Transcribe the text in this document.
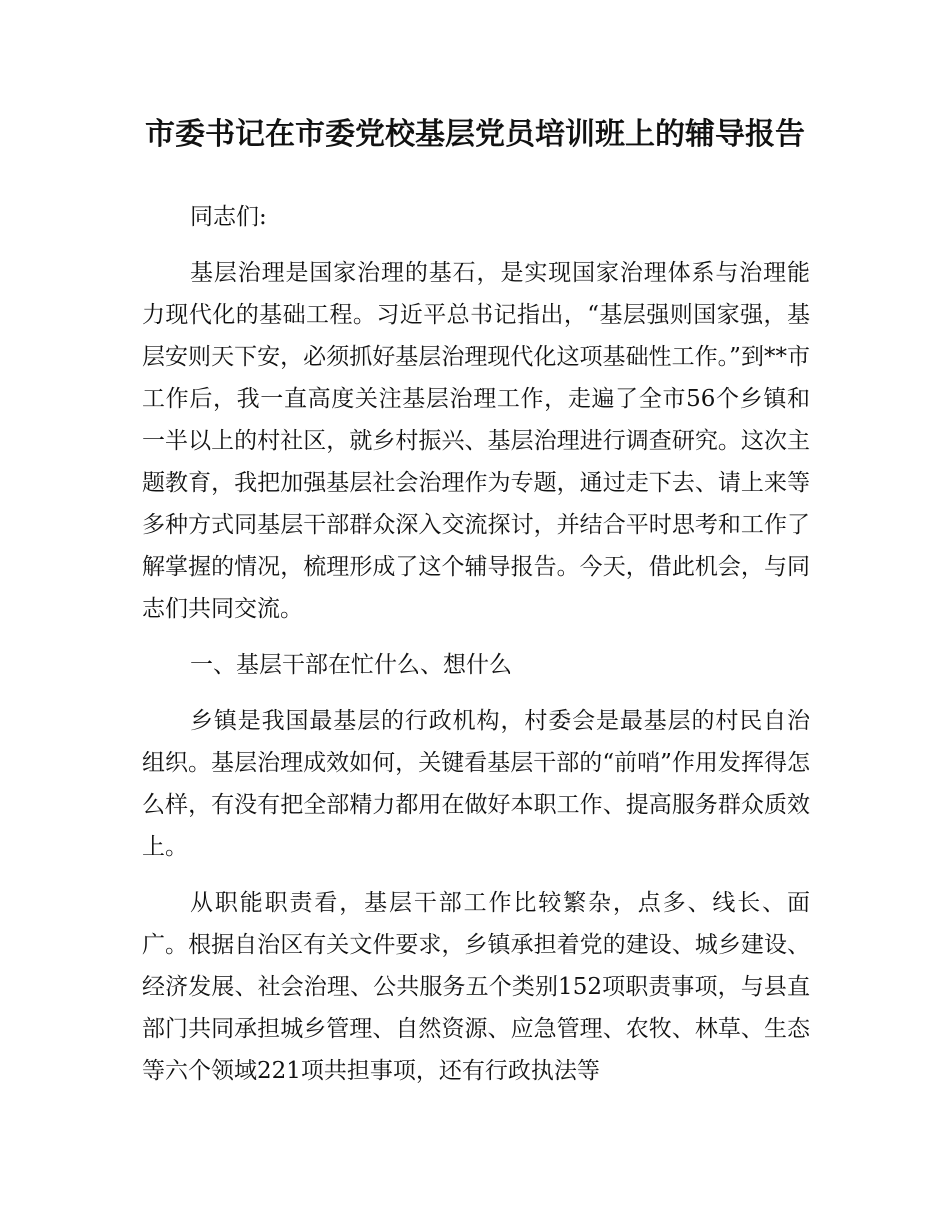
市委书记在市委党校基层党员培训班上的辅导报告

同志们:

基层治理是国家治理的基石，是实现国家治理体系与治理能力现代化的基础工程。习近平总书记指出，“基层强则国家强，基层安则天下安，必须抓好基层治理现代化这项基础性工作。”到**市工作后，我一直高度关注基层治理工作，走遍了全市56个乡镇和一半以上的村社区，就乡村振兴、基层治理进行调查研究。这次主题教育，我把加强基层社会治理作为专题，通过走下去、请上来等多种方式同基层干部群众深入交流探讨，并结合平时思考和工作了解掌握的情况，梳理形成了这个辅导报告。今天，借此机会，与同志们共同交流。

一、基层干部在忙什么、想什么

乡镇是我国最基层的行政机构，村委会是最基层的村民自治组织。基层治理成效如何，关键看基层干部的“前哨”作用发挥得怎么样，有没有把全部精力都用在做好本职工作、提高服务群众质效上。

从职能职责看，基层干部工作比较繁杂，点多、线长、面广。根据自治区有关文件要求，乡镇承担着党的建设、城乡建设、经济发展、社会治理、公共服务五个类别152项职责事项，与县直部门共同承担城乡管理、自然资源、应急管理、农牧、林草、生态等六个领域221项共担事项，还有行政执法等
